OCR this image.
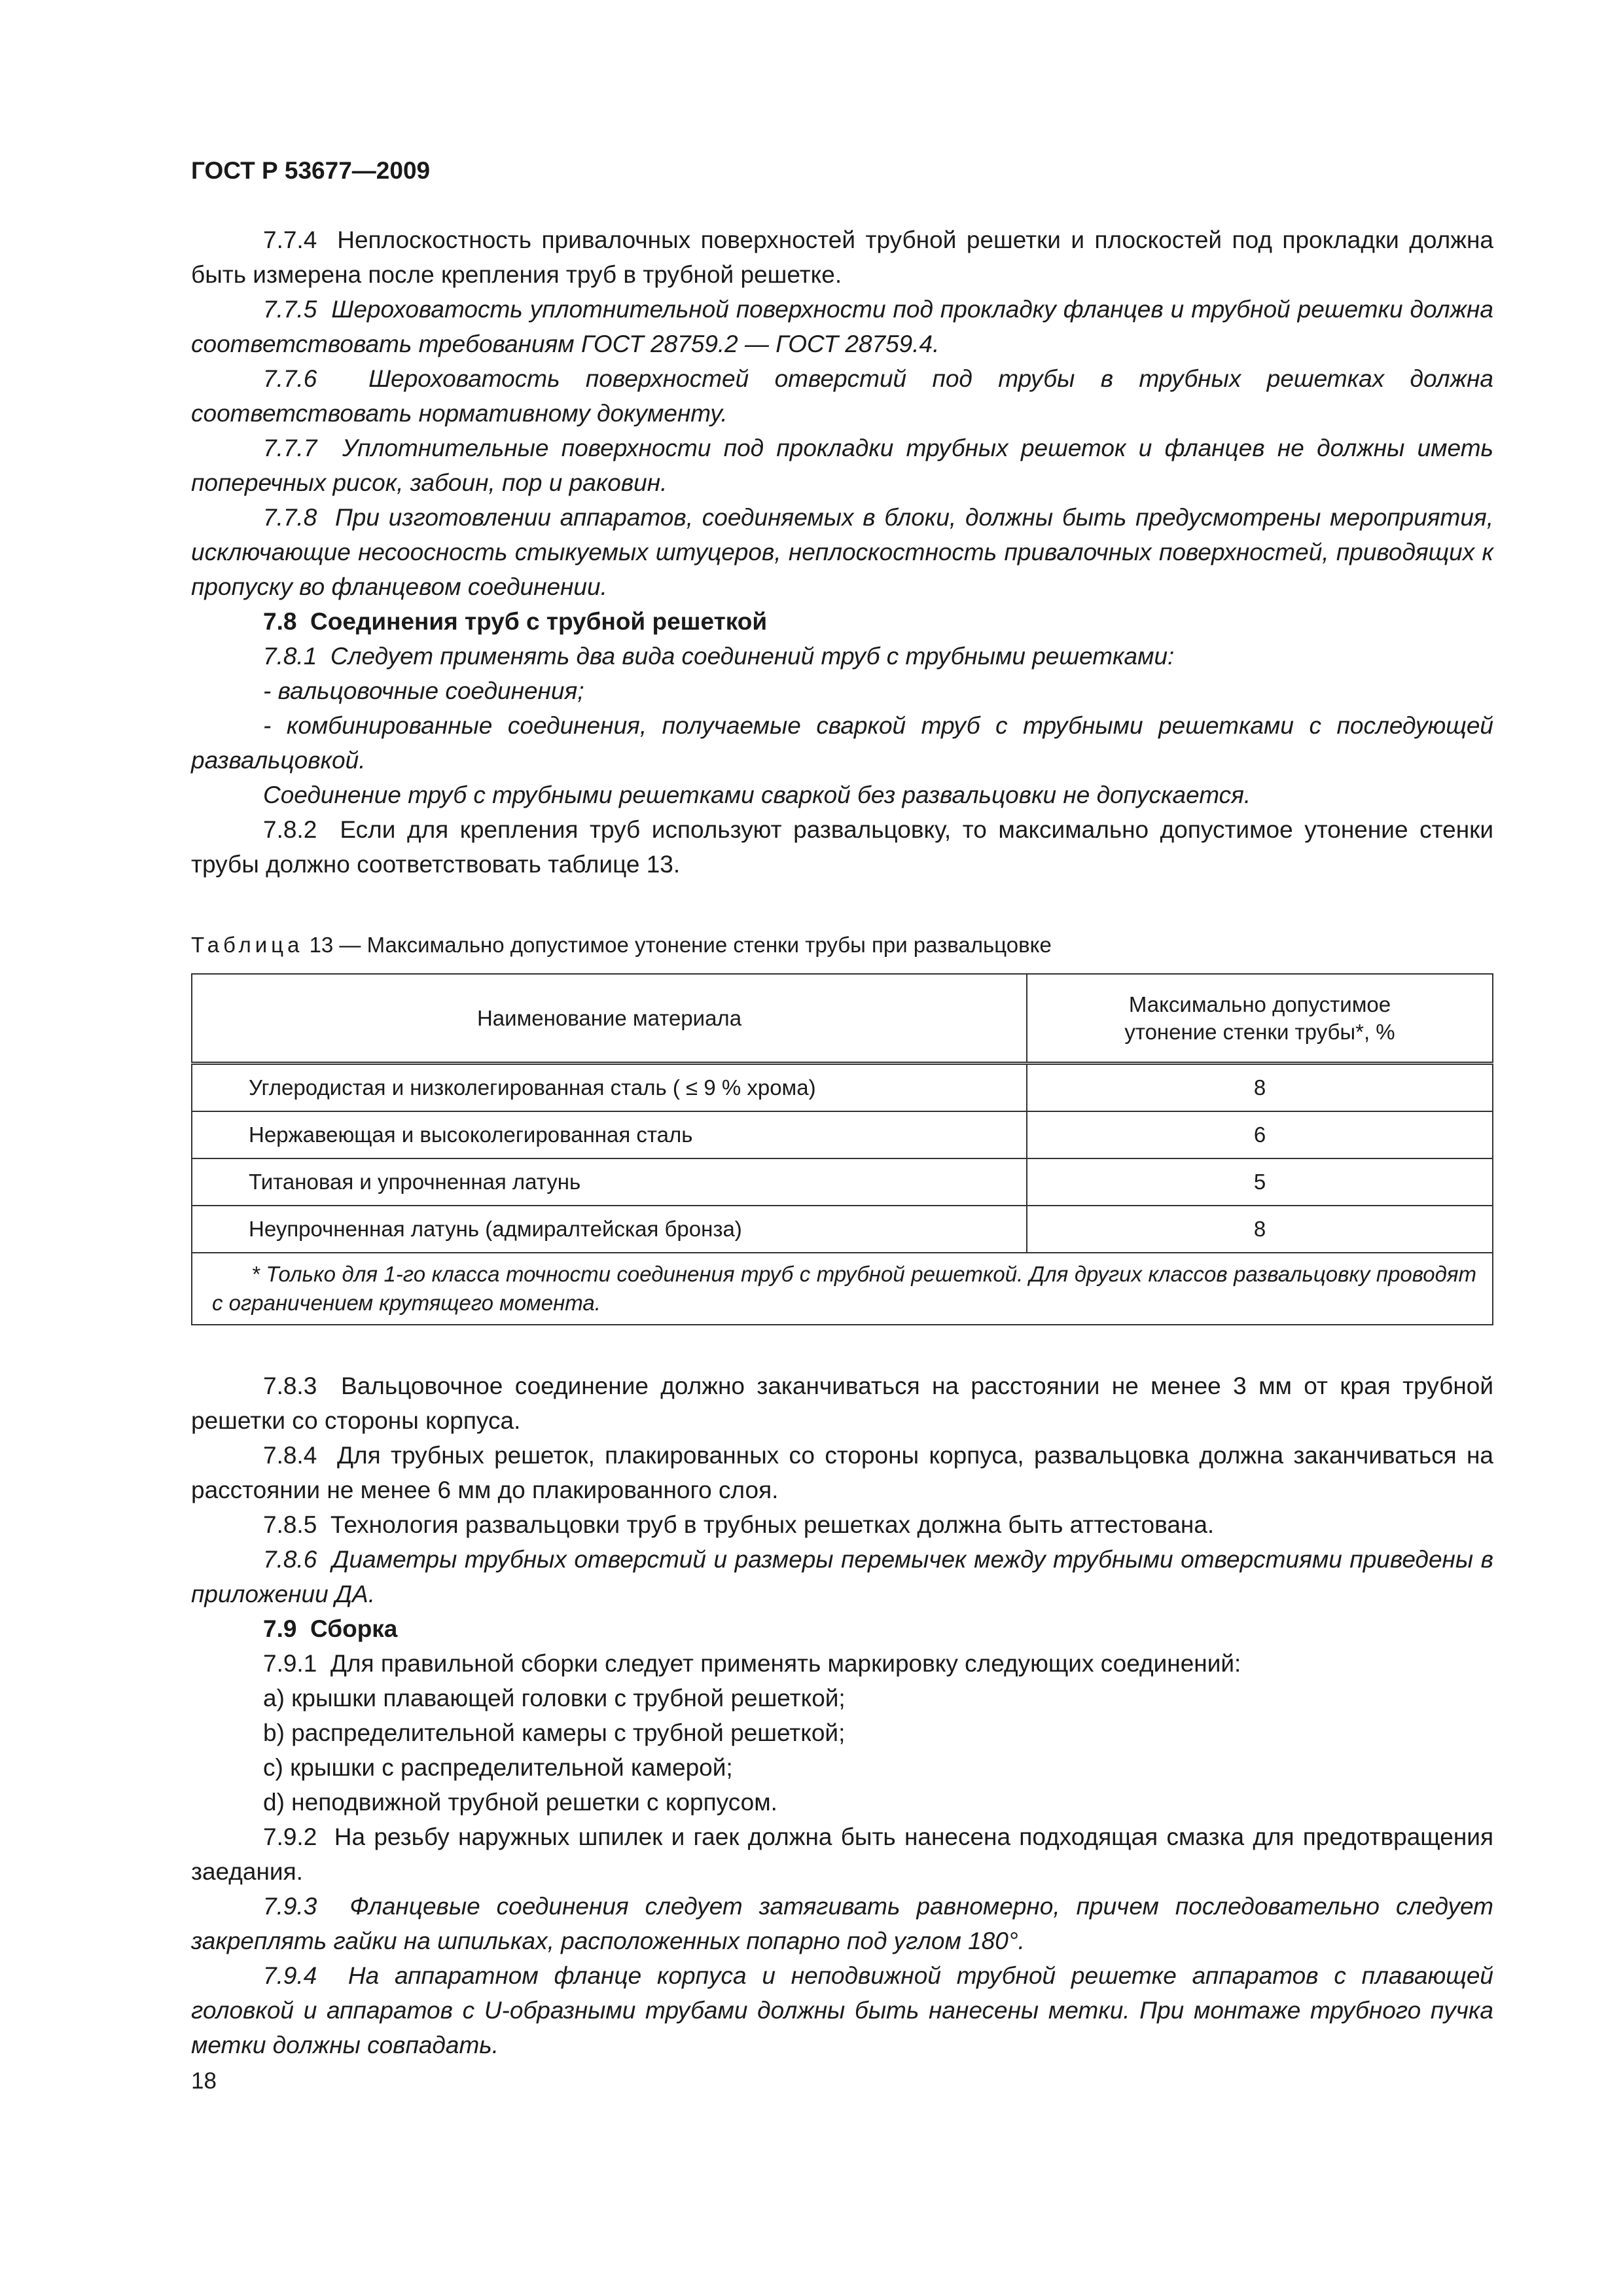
ГОСТ Р 53677—2009

7.7.4 Неплоскостность привалочных поверхностей трубной решетки и плоскостей под прокладки должна быть измерена после крепления труб в трубной решетке.

7.7.5 Шероховатость уплотнительной поверхности под прокладку фланцев и трубной решетки должна соответствовать требованиям ГОСТ 28759.2 — ГОСТ 28759.4.

7.7.6 Шероховатость поверхностей отверстий под трубы в трубных решетках должна соответствовать нормативному документу.

7.7.7 Уплотнительные поверхности под прокладки трубных решеток и фланцев не должны иметь поперечных рисок, забоин, пор и раковин.

7.7.8 При изготовлении аппаратов, соединяемых в блоки, должны быть предусмотрены мероприятия, исключающие несоосность стыкуемых штуцеров, неплоскостность привалочных поверхностей, приводящих к пропуску во фланцевом соединении.

7.8 Соединения труб с трубной решеткой

7.8.1 Следует применять два вида соединений труб с трубными решетками:

- вальцовочные соединения;

- комбинированные соединения, получаемые сваркой труб с трубными решетками с последующей развальцовкой.

Соединение труб с трубными решетками сваркой без развальцовки не допускается.

7.8.2 Если для крепления труб используют развальцовку, то максимально допустимое утонение стенки трубы должно соответствовать таблице 13.

Таблица 13 — Максимально допустимое утонение стенки трубы при развальцовке
Наименование материала	Максимально допустимое
утонение стенки трубы*, %
Углеродистая и низколегированная сталь ( ≤ 9 % хрома)	8
Нержавеющая и высоколегированная сталь	6
Титановая и упрочненная латунь	5
Неупрочненная латунь (адмиралтейская бронза)	8
* Только для 1-го класса точности соединения труб с трубной решеткой. Для других классов развальцовку проводят с ограничением крутящего момента.	

7.8.3 Вальцовочное соединение должно заканчиваться на расстоянии не менее 3 мм от края трубной решетки со стороны корпуса.

7.8.4 Для трубных решеток, плакированных со стороны корпуса, развальцовка должна заканчиваться на расстоянии не менее 6 мм до плакированного слоя.

7.8.5 Технология развальцовки труб в трубных решетках должна быть аттестована.

7.8.6 Диаметры трубных отверстий и размеры перемычек между трубными отверстиями приведены в приложении ДА.

7.9 Сборка

7.9.1 Для правильной сборки следует применять маркировку следующих соединений:

a) крышки плавающей головки с трубной решеткой;

b) распределительной камеры с трубной решеткой;

c) крышки с распределительной камерой;

d) неподвижной трубной решетки с корпусом.

7.9.2 На резьбу наружных шпилек и гаек должна быть нанесена подходящая смазка для предотвращения заедания.

7.9.3 Фланцевые соединения следует затягивать равномерно, причем последовательно следует закреплять гайки на шпильках, расположенных попарно под углом 180°.

7.9.4 На аппаратном фланце корпуса и неподвижной трубной решетке аппаратов с плавающей головкой и аппаратов с U-образными трубами должны быть нанесены метки. При монтаже трубного пучка метки должны совпадать.

18
